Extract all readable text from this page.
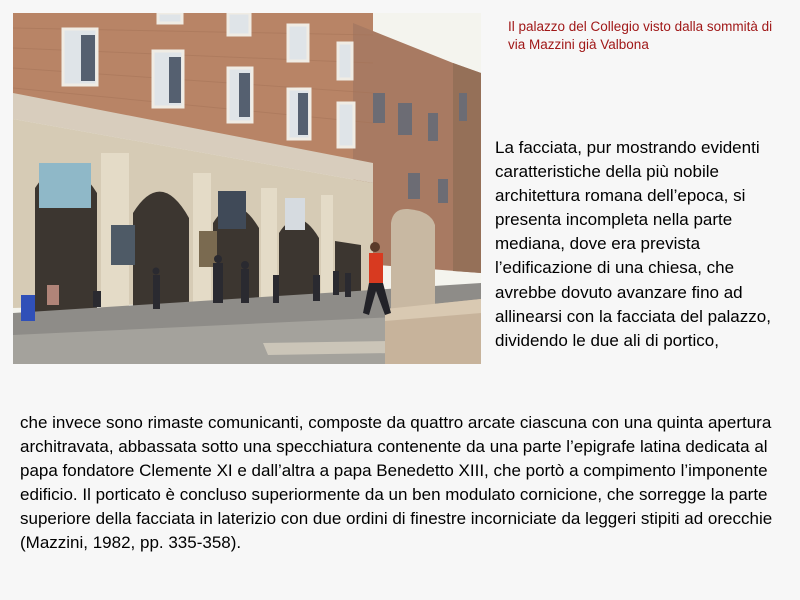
Il palazzo del Collegio visto dalla sommità di via Mazzini già Valbona

La facciata, pur mostrando evidenti caratteristiche della più nobile architettura romana dell’epoca, si presenta incompleta nella parte mediana, dove era prevista l’edificazione di una chiesa, che avrebbe dovuto avanzare fino ad allinearsi con la facciata del palazzo, dividendo le due ali di portico,

che invece sono rimaste comunicanti, composte da quattro arcate ciascuna con una quinta apertura architravata, abbassata sotto una specchiatura contenente da una parte l’epigrafe latina dedicata al papa fondatore Clemente XI e dall’altra a papa Benedetto XIII, che portò a compimento l’imponente edificio. Il porticato è concluso superiormente da un ben modulato cornicione, che sorregge la parte superiore della facciata in laterizio con due ordini di finestre incorniciate da leggeri stipiti ad orecchie (Mazzini, 1982, pp. 335-358).
